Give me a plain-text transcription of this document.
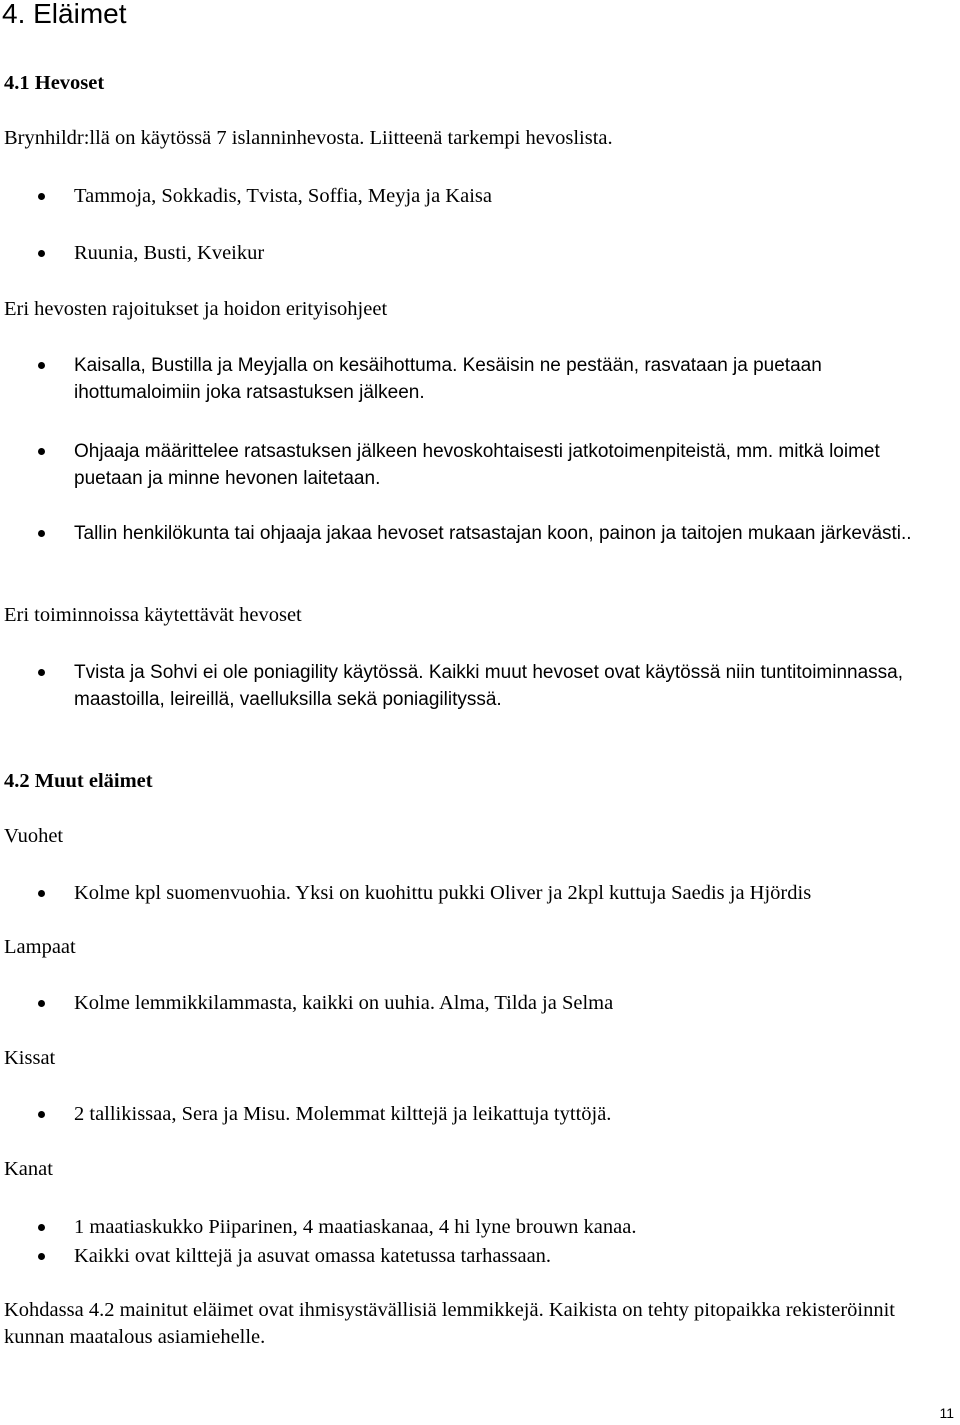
4. Eläimet
4.1 Hevoset

Brynhildr:llä on käytössä 7 islanninhevosta. Liitteenä tarkempi hevoslista.

Tammoja, Sokkadis, Tvista, Soffia, Meyja ja Kaisa
Ruunia, Busti, Kveikur

Eri hevosten rajoitukset ja hoidon erityisohjeet

Kaisalla, Bustilla ja Meyjalla on kesäihottuma. Kesäisin ne pestään, rasvataan ja puetaan ihottumaloimiin joka ratsastuksen jälkeen.
Ohjaaja määrittelee ratsastuksen jälkeen hevoskohtaisesti jatkotoimenpiteistä, mm. mitkä loimet puetaan ja minne hevonen laitetaan.
Tallin henkilökunta tai ohjaaja jakaa hevoset ratsastajan koon, painon ja taitojen mukaan järkevästi..

Eri toiminnoissa käytettävät hevoset

Tvista ja Sohvi ei ole poniagility käytössä. Kaikki muut hevoset ovat käytössä niin tuntitoiminnassa, maastoilla, leireillä, vaelluksilla sekä poniagilityssä.
4.2 Muut eläimet

Vuohet

Kolme kpl suomenvuohia. Yksi on kuohittu pukki Oliver ja 2kpl kuttuja Saedis ja Hjördis

Lampaat

Kolme lemmikkilammasta, kaikki on uuhia. Alma, Tilda ja Selma

Kissat

2 tallikissaa, Sera ja Misu. Molemmat kilttejä ja leikattuja tyttöjä.

Kanat

1 maatiaskukko Piiparinen, 4 maatiaskanaa, 4 hi lyne brouwn kanaa.
Kaikki ovat kilttejä ja asuvat omassa katetussa tarhassaan.

Kohdassa 4.2 mainitut eläimet ovat ihmisystävällisiä lemmikkejä. Kaikista on tehty pitopaikka rekisteröinnit kunnan maatalous asiamiehelle.

11
